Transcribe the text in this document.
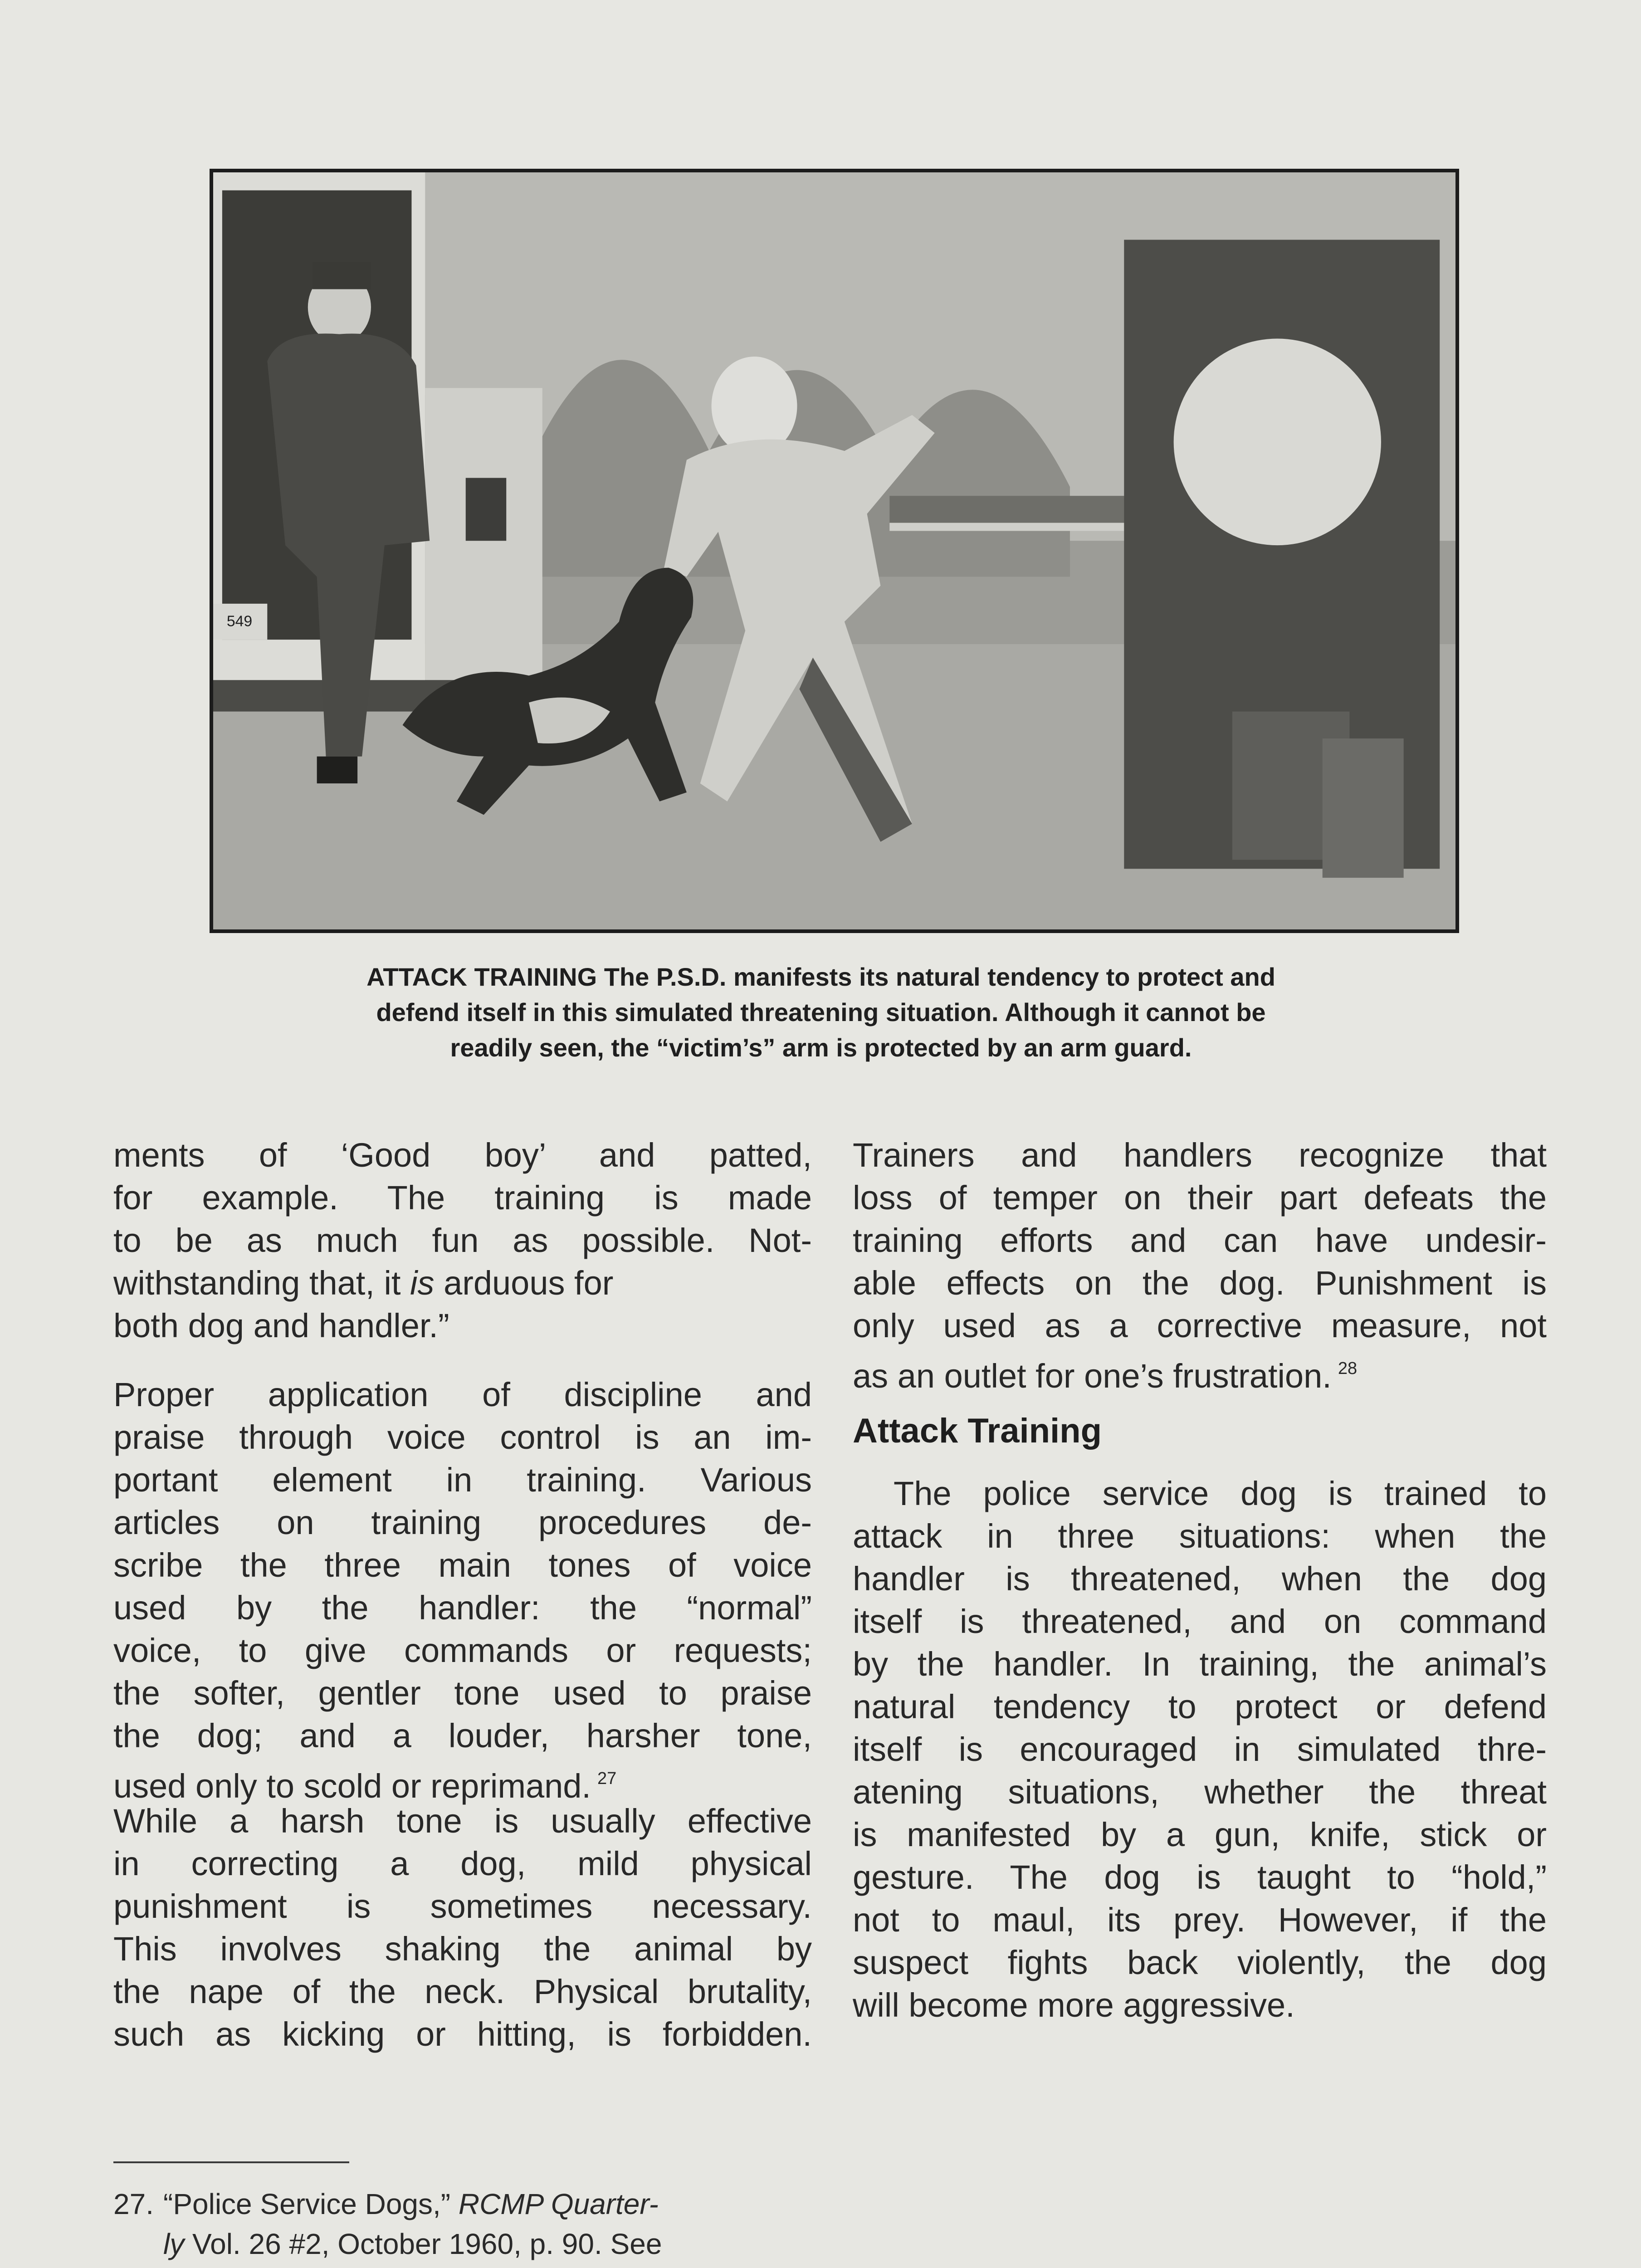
549
ATTACK TRAINING The P.S.D. manifests its natural tendency to protect and
defend itself in this simulated threatening situation. Although it cannot be
readily seen, the “victim’s” arm is protected by an arm guard.
ments of ‘Good boy’ and patted,
for example. The training is made
to be as much fun as possible. Not-
withstanding that, it is arduous for
both dog and handler.”
Proper application of discipline and
praise through voice control is an im-
portant element in training. Various
articles on training procedures de-
scribe the three main tones of voice
used by the handler: the “normal”
voice, to give commands or requests;
the softer, gentler tone used to praise
the dog; and a louder, harsher tone,
used only to scold or reprimand. $^{27}$
While a harsh tone is usually effective
in correcting a dog, mild physical
punishment is sometimes necessary.
This involves shaking the animal by
the nape of the neck. Physical brutality,
such as kicking or hitting, is forbidden.
Trainers and handlers recognize that
loss of temper on their part defeats the
training efforts and can have undesir-
able effects on the dog. Punishment is
only used as a corrective measure, not
as an outlet for one’s frustration. $^{28}$
Attack Training
The police service dog is trained to
attack in three situations: when the
handler is threatened, when the dog
itself is threatened, and on command
by the handler. In training, the animal’s
natural tendency to protect or defend
itself is encouraged in simulated thre-
atening situations, whether the threat
is manifested by a gun, knife, stick or
gesture. The dog is taught to “hold,”
not to maul, its prey. However, if the
suspect fights back violently, the dog
will become more aggressive.
27. “Police Service Dogs,” RCMP Quarter-
ly Vol. 26 #2, October 1960, p. 90. See
